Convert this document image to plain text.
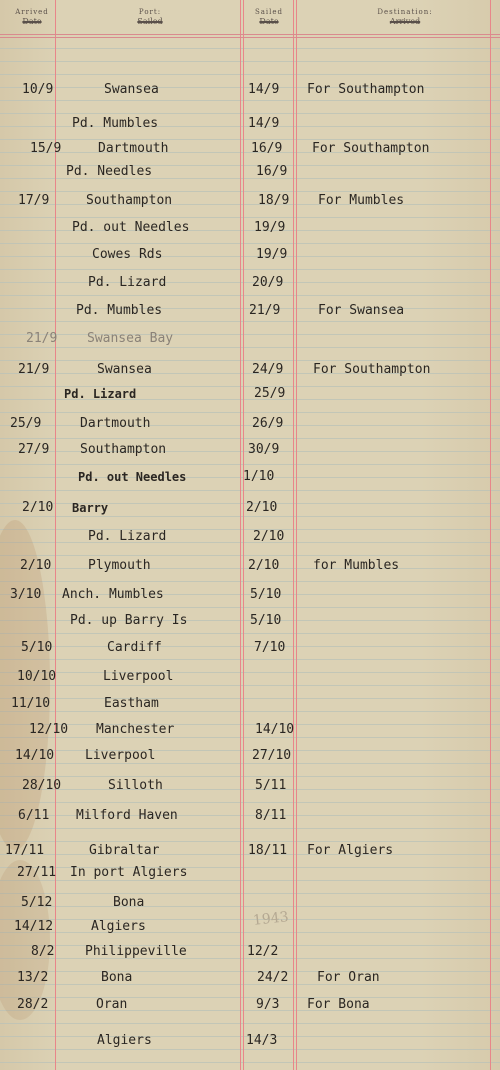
Arrived
Date
Port:
Sailed
Sailed
Date
Destination:
Arrived
10/9	Swansea	14/9 For Southampton
Pd. Mumbles	14/9
15/9	Dartmouth	16/9 For Southampton
Pd. Needles	16/9
17/9	Southampton	18/9 For Mumbles
Pd. out Needles	19/9
Cowes Rds	19/9
Pd. Lizard	20/9
Pd. Mumbles	21/9	For Swansea
21/9 Swansea Bay
21/9	Swansea	24/9 For Southampton
Pd. Lizard	25/9
25/9	Dartmouth	26/9
27/9 Southampton	30/9
Pd. out Needles	1/10
2/10 Barry	2/10
Pd. Lizard	2/10
2/10	Plymouth	2/10	for Mumbles
3/10 Anch. Mumbles	5/10
Pd. up Barry Is	5/10
5/10	Cardiff	7/10
10/10	Liverpool
11/10	Eastham
12/10 Manchester	14/10
14/10 Liverpool	27/10
28/10	Silloth	5/11
6/11 Milford Haven	8/11
17/11	Gibraltar	18/11 For Algiers
27/11 In port Algiers
5/12	Bona
14/12	Algiers
8/2 Philippeville	12/2
13/2	Bona	24/2 For Oran
28/2	Oran	9/3 For Bona
Algiers	14/3
1943
